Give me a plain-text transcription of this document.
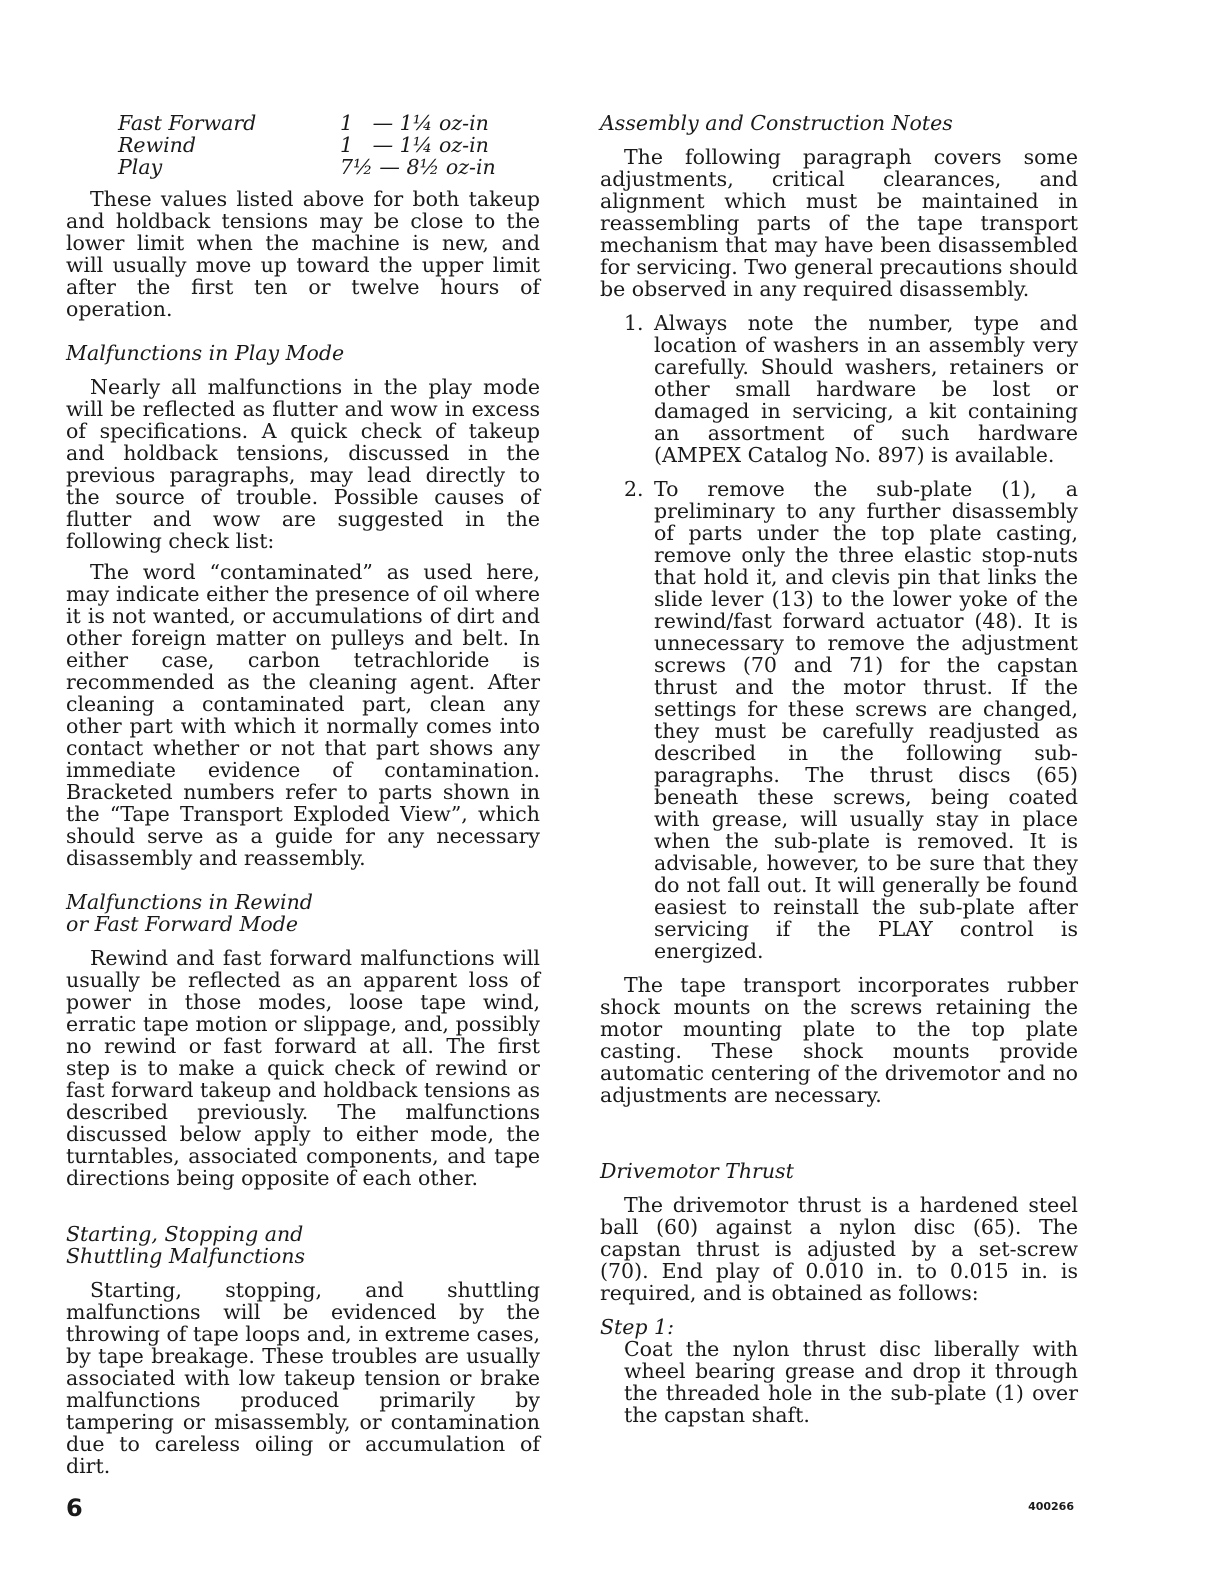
Fast Forward	1   — 1¼ oz-in
Rewind	1   — 1¼ oz-in
Play	7½ — 8½ oz-in

These values listed above for both takeup and holdback tensions may be close to the lower limit when the machine is new, and will usually move up toward the upper limit after the first ten or twelve hours of operation.

Malfunctions in Play Mode

Nearly all malfunctions in the play mode will be reflected as flutter and wow in excess of specifications. A quick check of takeup and holdback tensions, discussed in the previous paragraphs, may lead directly to the source of trouble. Possible causes of flutter and wow are suggested in the following check list:

The word “contaminated” as used here, may indicate either the presence of oil where it is not wanted, or accumulations of dirt and other foreign matter on pulleys and belt. In either case, carbon tetrachloride is recommended as the cleaning agent. After cleaning a contaminated part, clean any other part with which it normally comes into contact whether or not that part shows any immediate evidence of contamination. Bracketed numbers refer to parts shown in the “Tape Transport Exploded View”, which should serve as a guide for any necessary disassembly and reassembly.

Malfunctions in Rewind
or Fast Forward Mode

Rewind and fast forward malfunctions will usually be reflected as an apparent loss of power in those modes, loose tape wind, erratic tape motion or slippage, and, possibly no rewind or fast forward at all. The first step is to make a quick check of rewind or fast forward takeup and holdback tensions as described previously. The malfunctions discussed below apply to either mode, the turntables, associated components, and tape directions being opposite of each other.

Starting, Stopping and
Shuttling Malfunctions

Starting, stopping, and shuttling malfunctions will be evidenced by the throwing of tape loops and, in extreme cases, by tape breakage. These troubles are usually associated with low takeup tension or brake malfunctions produced primarily by tampering or misassembly, or contamination due to careless oiling or accumulation of dirt.

Assembly and Construction Notes

The following paragraph covers some adjustments, critical clearances, and alignment which must be maintained in reassembling parts of the tape transport mechanism that may have been disassembled for servicing. Two general precautions should be observed in any required disassembly.

1. Always note the number, type and location of washers in an assembly very carefully. Should washers, retainers or other small hardware be lost or damaged in servicing, a kit containing an assortment of such hardware (AMPEX Catalog No. 897) is available.
2. To remove the sub-plate (1), a preliminary to any further disassembly of parts under the top plate casting, remove only the three elastic stop-nuts that hold it, and clevis pin that links the slide lever (13) to the lower yoke of the rewind/fast forward actuator (48). It is unnecessary to remove the adjustment screws (70 and 71) for the capstan thrust and the motor thrust. If the settings for these screws are changed, they must be carefully readjusted as described in the following sub-paragraphs. The thrust discs (65) beneath these screws, being coated with grease, will usually stay in place when the sub-plate is removed. It is advisable, however, to be sure that they do not fall out. It will generally be found easiest to reinstall the sub-plate after servicing if the PLAY control is energized.

The tape transport incorporates rubber shock mounts on the screws retaining the motor mounting plate to the top plate casting. These shock mounts provide automatic centering of the drivemotor and no adjustments are necessary.

Drivemotor Thrust

The drivemotor thrust is a hardened steel ball (60) against a nylon disc (65). The capstan thrust is adjusted by a set-screw (70). End play of 0.010 in. to 0.015 in. is required, and is obtained as follows:

Step 1:

Coat the nylon thrust disc liberally with wheel bearing grease and drop it through the threaded hole in the sub-plate (1) over the capstan shaft.

6	400266
